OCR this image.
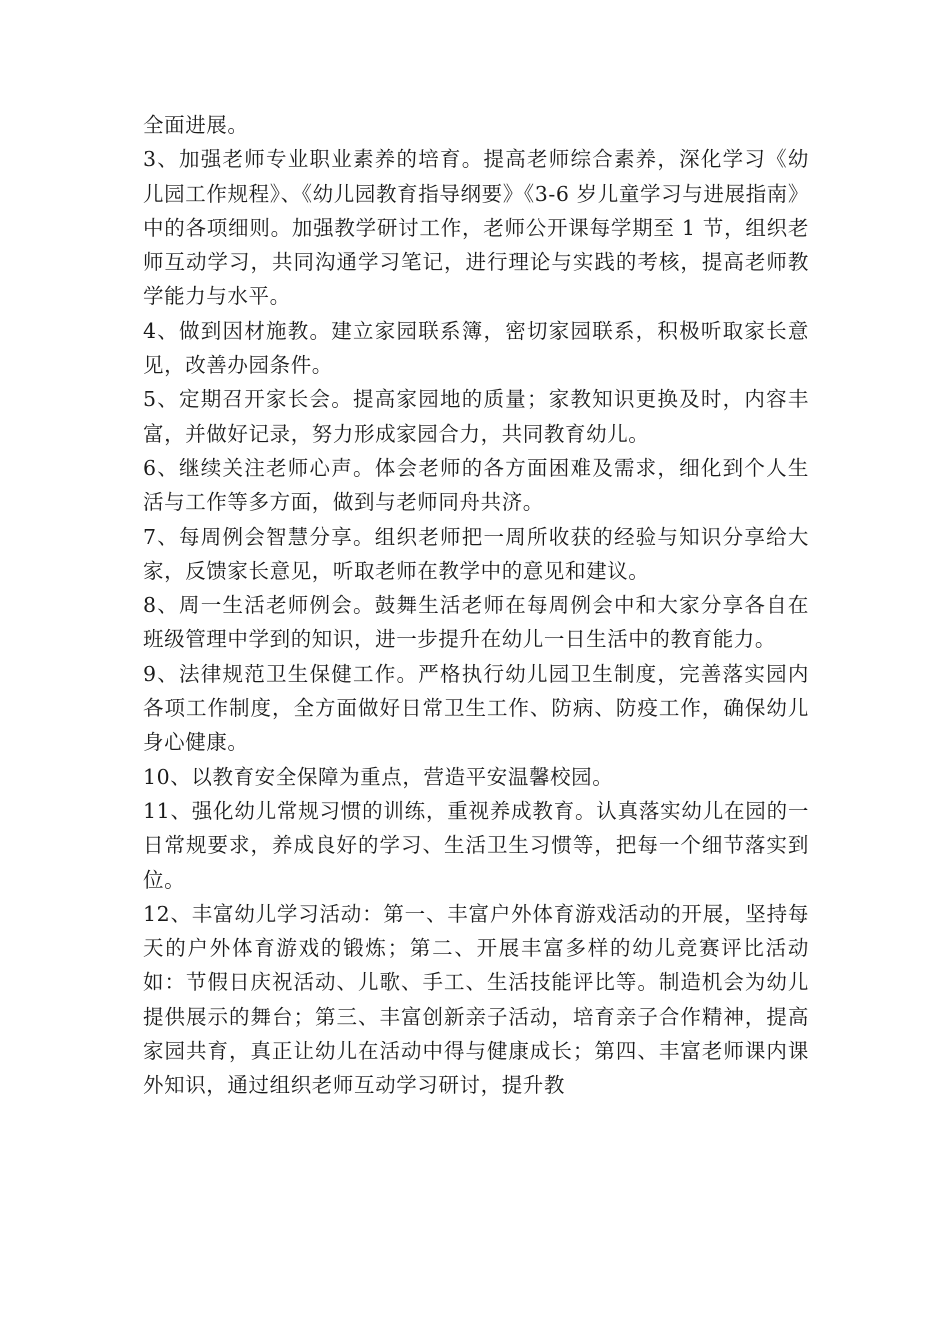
全面进展。

3、加强老师专业职业素养的培育。提高老师综合素养，深化学习《幼儿园工作规程》、《幼儿园教育指导纲要》《3-6 岁儿童学习与进展指南》中的各项细则。加强教学研讨工作，老师公开课每学期至 1 节，组织老师互动学习，共同沟通学习笔记，进行理论与实践的考核，提高老师教学能力与水平。

4、做到因材施教。建立家园联系簿，密切家园联系，积极听取家长意见，改善办园条件。

5、定期召开家长会。提高家园地的质量；家教知识更换及时，内容丰富，并做好记录，努力形成家园合力，共同教育幼儿。

6、继续关注老师心声。体会老师的各方面困难及需求，细化到个人生活与工作等多方面，做到与老师同舟共济。

7、每周例会智慧分享。组织老师把一周所收获的经验与知识分享给大家，反馈家长意见，听取老师在教学中的意见和建议。

8、周一生活老师例会。鼓舞生活老师在每周例会中和大家分享各自在班级管理中学到的知识，进一步提升在幼儿一日生活中的教育能力。

9、法律规范卫生保健工作。严格执行幼儿园卫生制度，完善落实园内各项工作制度，全方面做好日常卫生工作、防病、防疫工作，确保幼儿身心健康。

10、以教育安全保障为重点，营造平安温馨校园。

11、强化幼儿常规习惯的训练，重视养成教育。认真落实幼儿在园的一日常规要求，养成良好的学习、生活卫生习惯等，把每一个细节落实到位。

12、丰富幼儿学习活动：第一、丰富户外体育游戏活动的开展，坚持每天的户外体育游戏的锻炼；第二、开展丰富多样的幼儿竞赛评比活动如：节假日庆祝活动、儿歌、手工、生活技能评比等。制造机会为幼儿提供展示的舞台；第三、丰富创新亲子活动，培育亲子合作精神，提高家园共育，真正让幼儿在活动中得与健康成长；第四、丰富老师课内课外知识，通过组织老师互动学习研讨，提升教
